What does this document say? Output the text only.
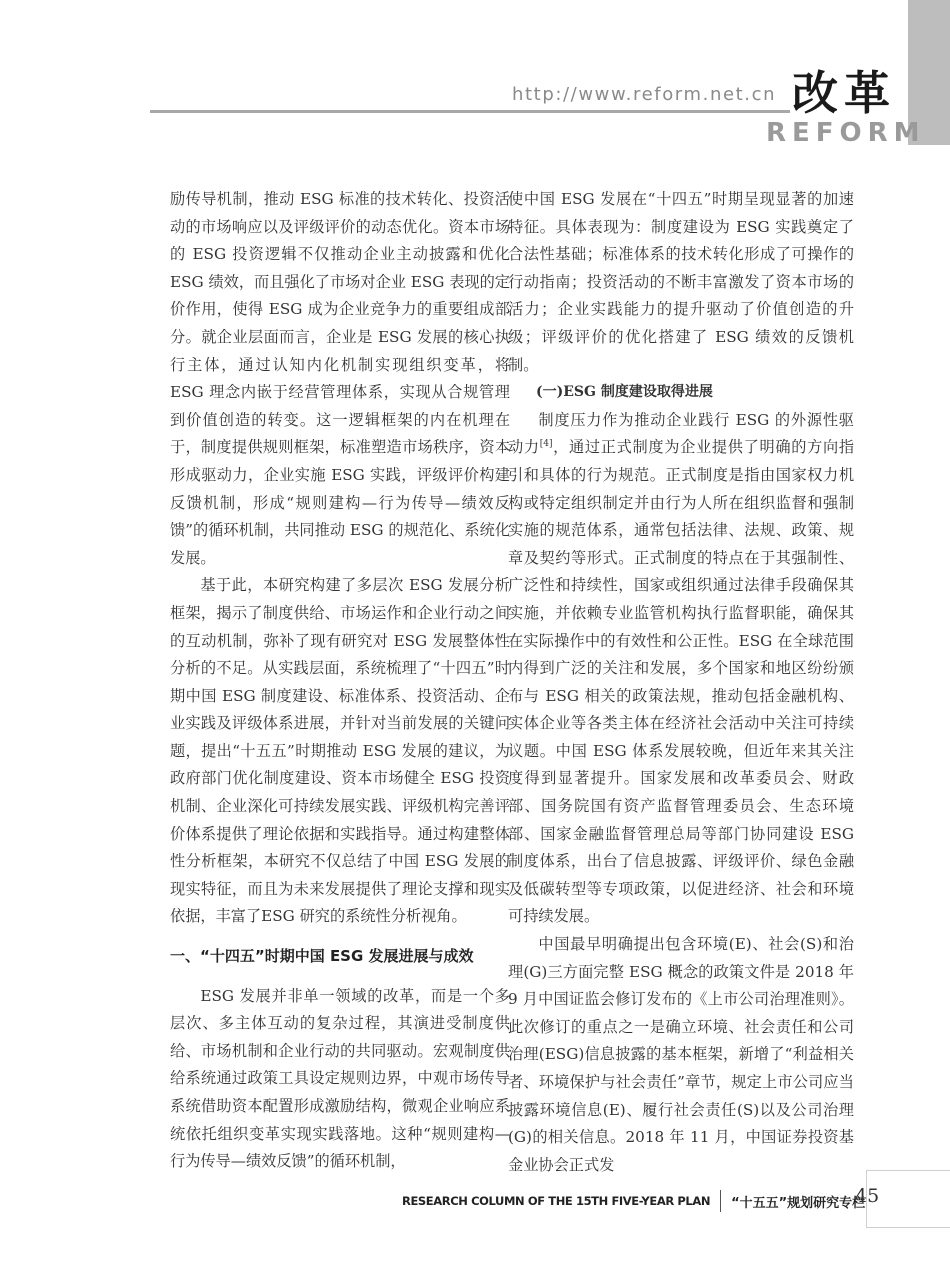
http://www.reform.net.cn 改革
REFORM

励传导机制，推动 ESG 标准的技术转化、投资活动的市场响应以及评级评价的动态优化。资本市场的 ESG 投资逻辑不仅推动企业主动披露和优化 ESG 绩效，而且强化了市场对企业 ESG 表现的定价作用，使得 ESG 成为企业竞争力的重要组成部分。就企业层面而言，企业是 ESG 发展的核心执行主体，通过认知内化机制实现组织变革，将 ESG 理念内嵌于经营管理体系，实现从合规管理到价值创造的转变。这一逻辑框架的内在机理在于，制度提供规则框架，标准塑造市场秩序，资本形成驱动力，企业实施 ESG 实践，评级评价构建反馈机制，形成“规则建构—行为传导—绩效反馈”的循环机制，共同推动 ESG 的规范化、系统化发展。

基于此，本研究构建了多层次 ESG 发展分析框架，揭示了制度供给、市场运作和企业行动之间的互动机制，弥补了现有研究对 ESG 发展整体性分析的不足。从实践层面，系统梳理了“十四五”时期中国 ESG 制度建设、标准体系、投资活动、企业实践及评级体系进展，并针对当前发展的关键问题，提出“十五五”时期推动 ESG 发展的建议，为政府部门优化制度建设、资本市场健全 ESG 投资机制、企业深化可持续发展实践、评级机构完善评价体系提供了理论依据和实践指导。通过构建整体性分析框架，本研究不仅总结了中国 ESG 发展的现实特征，而且为未来发展提供了理论支撑和现实依据，丰富了ESG 研究的系统性分析视角。

一、“十四五”时期中国 ESG 发展进展与成效

ESG 发展并非单一领域的改革，而是一个多层次、多主体互动的复杂过程，其演进受制度供给、市场机制和企业行动的共同驱动。宏观制度供给系统通过政策工具设定规则边界，中观市场传导系统借助资本配置形成激励结构，微观企业响应系统依托组织变革实现实践落地。这种“规则建构—行为传导—绩效反馈”的循环机制，

使中国 ESG 发展在“十四五”时期呈现显著的加速特征。具体表现为：制度建设为 ESG 实践奠定了合法性基础；标准体系的技术转化形成了可操作的行动指南；投资活动的不断丰富激发了资本市场的活力；企业实践能力的提升驱动了价值创造的升级；评级评价的优化搭建了 ESG 绩效的反馈机制。

(一)ESG 制度建设取得进展

制度压力作为推动企业践行 ESG 的外源性驱动力[4]，通过正式制度为企业提供了明确的方向指引和具体的行为规范。正式制度是指由国家权力机构或特定组织制定并由行为人所在组织监督和强制实施的规范体系，通常包括法律、法规、政策、规章及契约等形式。正式制度的特点在于其强制性、广泛性和持续性，国家或组织通过法律手段确保其实施，并依赖专业监管机构执行监督职能，确保其在实际操作中的有效性和公正性。ESG 在全球范围内得到广泛的关注和发展，多个国家和地区纷纷颁布与 ESG 相关的政策法规，推动包括金融机构、实体企业等各类主体在经济社会活动中关注可持续议题。中国 ESG 体系发展较晚，但近年来其关注度得到显著提升。国家发展和改革委员会、财政部、国务院国有资产监督管理委员会、生态环境部、国家金融监督管理总局等部门协同建设 ESG 制度体系，出台了信息披露、评级评价、绿色金融及低碳转型等专项政策，以促进经济、社会和环境可持续发展。

中国最早明确提出包含环境(E)、社会(S)和治理(G)三方面完整 ESG 概念的政策文件是 2018 年 9 月中国证监会修订发布的《上市公司治理准则》。此次修订的重点之一是确立环境、社会责任和公司治理(ESG)信息披露的基本框架，新增了“利益相关者、环境保护与社会责任”章节，规定上市公司应当披露环境信息(E)、履行社会责任(S)以及公司治理(G)的相关信息。2018 年 11 月，中国证券投资基金业协会正式发

RESEARCH COLUMN OF THE 15TH FIVE-YEAR PLAN “十五五”规划研究专栏
45
